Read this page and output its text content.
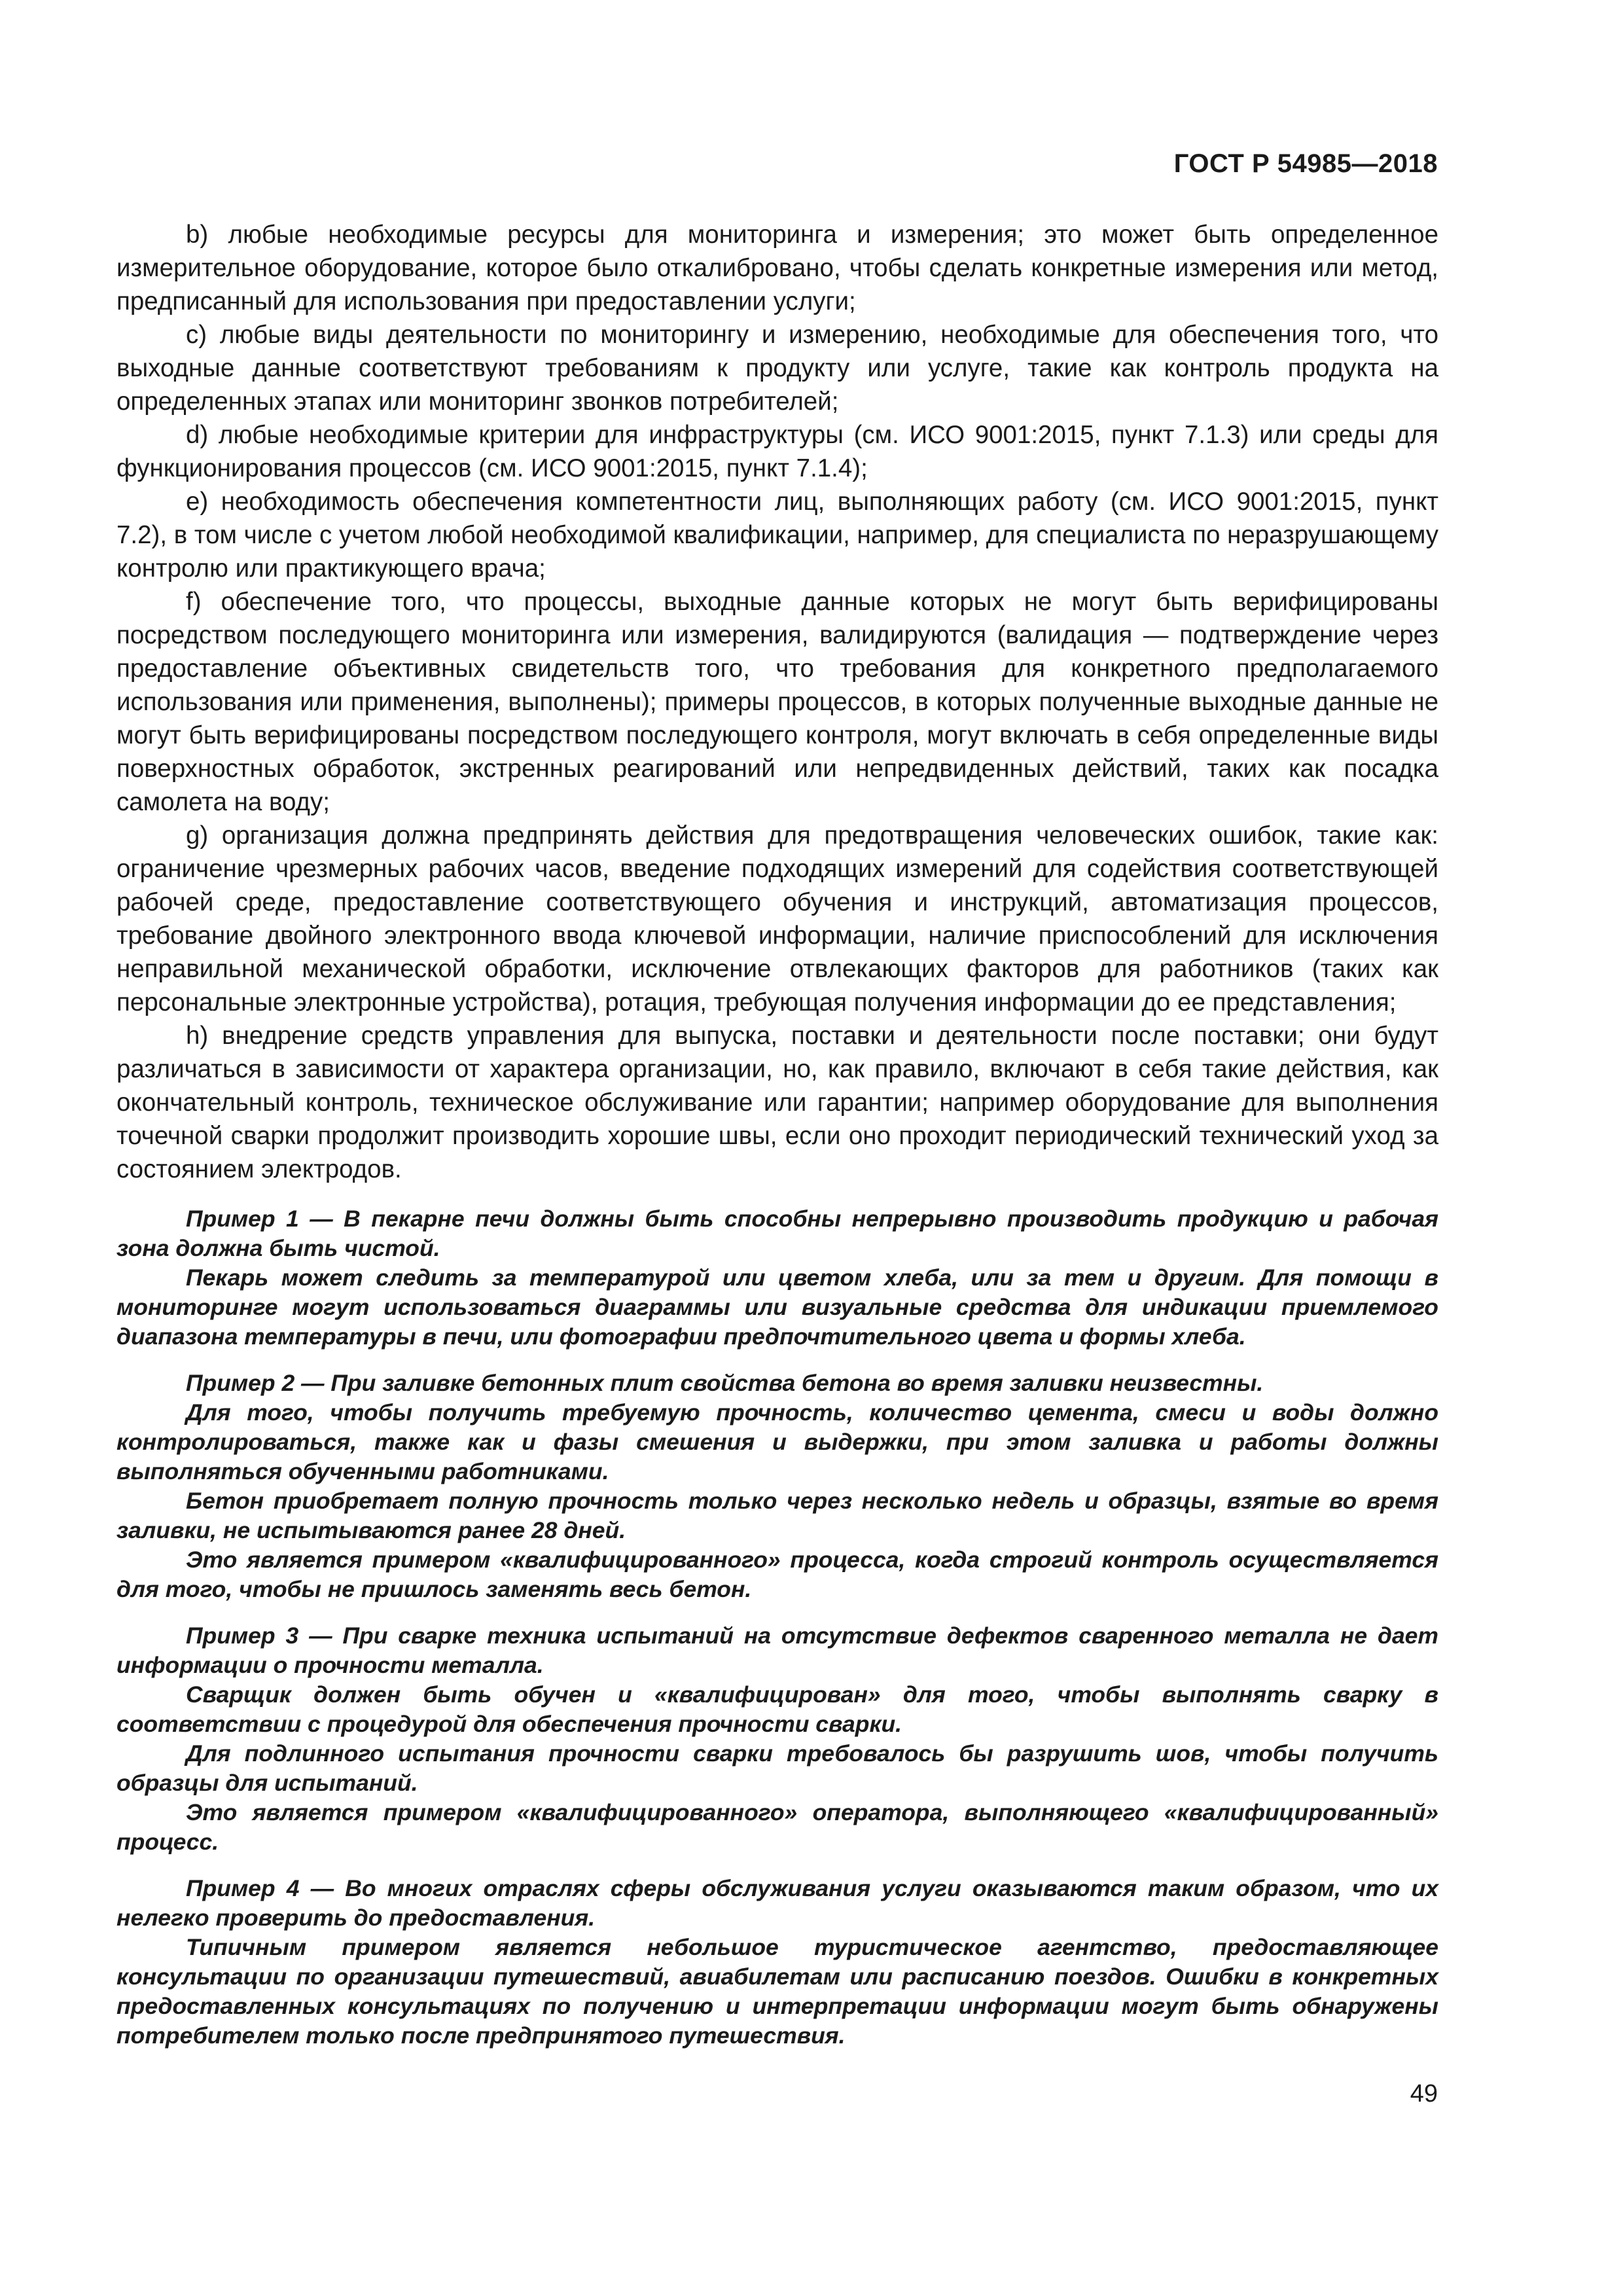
ГОСТ Р 54985—2018

b) любые необходимые ресурсы для мониторинга и измерения; это может быть определенное измерительное оборудование, которое было откалибровано, чтобы сделать конкретные измерения или метод, предписанный для использования при предоставлении услуги;

c) любые виды деятельности по мониторингу и измерению, необходимые для обеспечения того, что выходные данные соответствуют требованиям к продукту или услуге, такие как контроль продукта на определенных этапах или мониторинг звонков потребителей;

d) любые необходимые критерии для инфраструктуры (см. ИСО 9001:2015, пункт 7.1.3) или среды для функционирования процессов (см. ИСО 9001:2015, пункт 7.1.4);

e) необходимость обеспечения компетентности лиц, выполняющих работу (см. ИСО 9001:2015, пункт 7.2), в том числе с учетом любой необходимой квалификации, например, для специалиста по неразрушающему контролю или практикующего врача;

f) обеспечение того, что процессы, выходные данные которых не могут быть верифицированы посредством последующего мониторинга или измерения, валидируются (валидация — подтверждение через предоставление объективных свидетельств того, что требования для конкретного предполагаемого использования или применения, выполнены); примеры процессов, в которых полученные выходные данные не могут быть верифицированы посредством последующего контроля, могут включать в себя определенные виды поверхностных обработок, экстренных реагирований или непредвиденных действий, таких как посадка самолета на воду;

g) организация должна предпринять действия для предотвращения человеческих ошибок, такие как: ограничение чрезмерных рабочих часов, введение подходящих измерений для содействия соответствующей рабочей среде, предоставление соответствующего обучения и инструкций, автоматизация процессов, требование двойного электронного ввода ключевой информации, наличие приспособлений для исключения неправильной механической обработки, исключение отвлекающих факторов для работников (таких как персональные электронные устройства), ротация, требующая получения информации до ее представления;

h) внедрение средств управления для выпуска, поставки и деятельности после поставки; они будут различаться в зависимости от характера организации, но, как правило, включают в себя такие действия, как окончательный контроль, техническое обслуживание или гарантии; например оборудование для выполнения точечной сварки продолжит производить хорошие швы, если оно проходит периодический технический уход за состоянием электродов.

Пример 1 — В пекарне печи должны быть способны непрерывно производить продукцию и рабочая зона должна быть чистой.

Пекарь может следить за температурой или цветом хлеба, или за тем и другим. Для помощи в мониторинге могут использоваться диаграммы или визуальные средства для индикации приемлемого диапазона температуры в печи, или фотографии предпочтительного цвета и формы хлеба.

Пример 2 — При заливке бетонных плит свойства бетона во время заливки неизвестны.

Для того, чтобы получить требуемую прочность, количество цемента, смеси и воды должно контролироваться, также как и фазы смешения и выдержки, при этом заливка и работы должны выполняться обученными работниками.

Бетон приобретает полную прочность только через несколько недель и образцы, взятые во время заливки, не испытываются ранее 28 дней.

Это является примером «квалифицированного» процесса, когда строгий контроль осуществляется для того, чтобы не пришлось заменять весь бетон.

Пример 3 — При сварке техника испытаний на отсутствие дефектов сваренного металла не дает информации о прочности металла.

Сварщик должен быть обучен и «квалифицирован» для того, чтобы выполнять сварку в соответствии с процедурой для обеспечения прочности сварки.

Для подлинного испытания прочности сварки требовалось бы разрушить шов, чтобы получить образцы для испытаний.

Это является примером «квалифицированного» оператора, выполняющего «квалифицированный» процесс.

Пример 4 — Во многих отраслях сферы обслуживания услуги оказываются таким образом, что их нелегко проверить до предоставления.

Типичным примером является небольшое туристическое агентство, предоставляющее консультации по организации путешествий, авиабилетам или расписанию поездов. Ошибки в конкретных предоставленных консультациях по получению и интерпретации информации могут быть обнаружены потребителем только после предпринятого путешествия.

49
